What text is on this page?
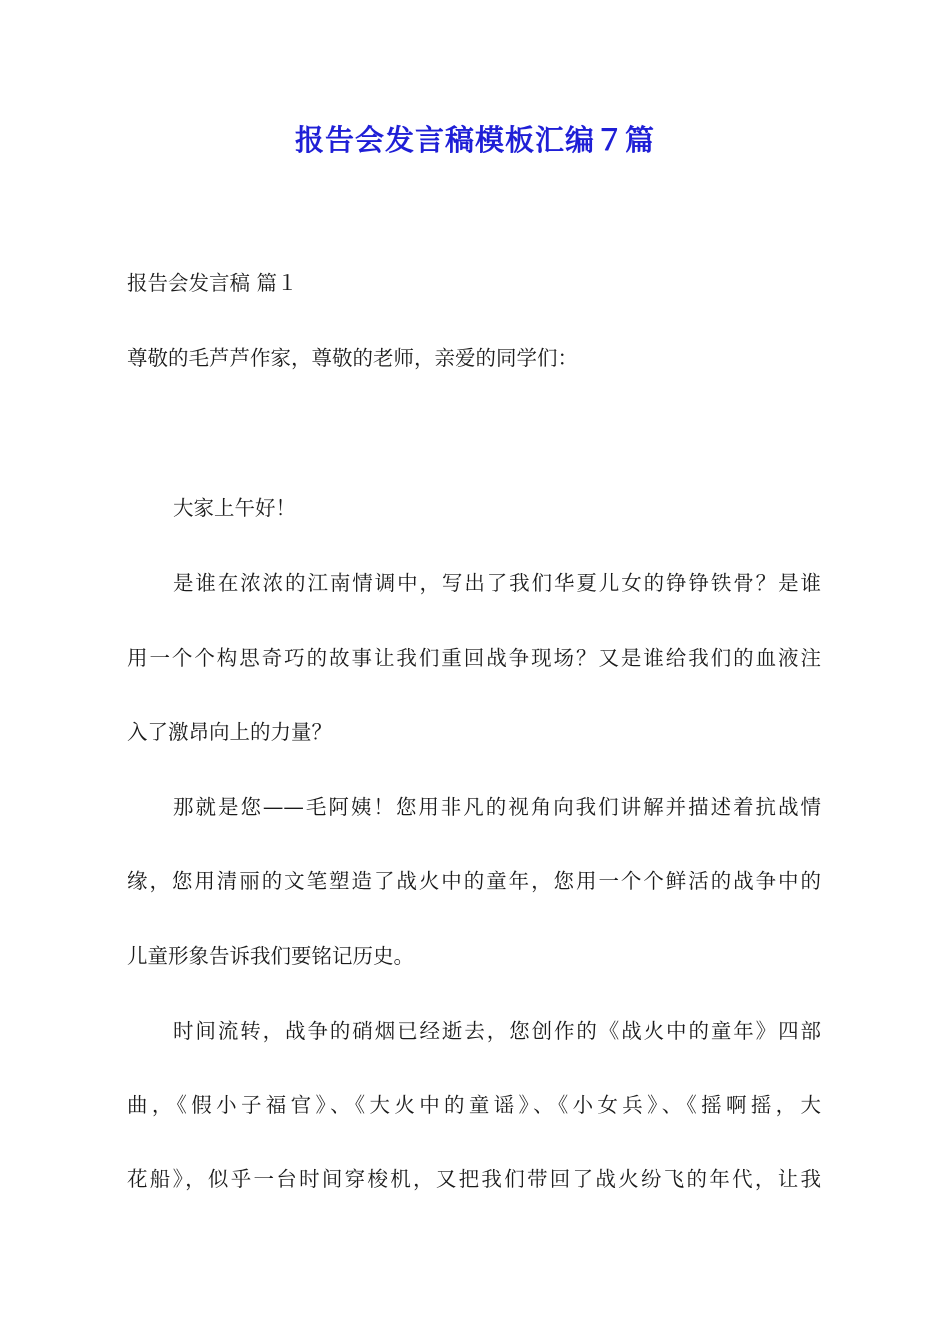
报告会发言稿模板汇编７篇

报告会发言稿 篇１

尊敬的毛芦芦作家，尊敬的老师，亲爱的同学们：

大家上午好！

是谁在浓浓的江南情调中，写出了我们华夏儿女的铮铮铁骨？是谁

用一个个构思奇巧的故事让我们重回战争现场？又是谁给我们的血液注

入了激昂向上的力量？

那就是您——毛阿姨！您用非凡的视角向我们讲解并描述着抗战情

缘，您用清丽的文笔塑造了战火中的童年，您用一个个鲜活的战争中的

儿童形象告诉我们要铭记历史。

时间流转，战争的硝烟已经逝去，您创作的《战火中的童年》四部

曲，《假小子福官》、《大火中的童谣》、《小女兵》、《摇啊摇，大

花船》，似乎一台时间穿梭机，又把我们带回了战火纷飞的年代，让我
